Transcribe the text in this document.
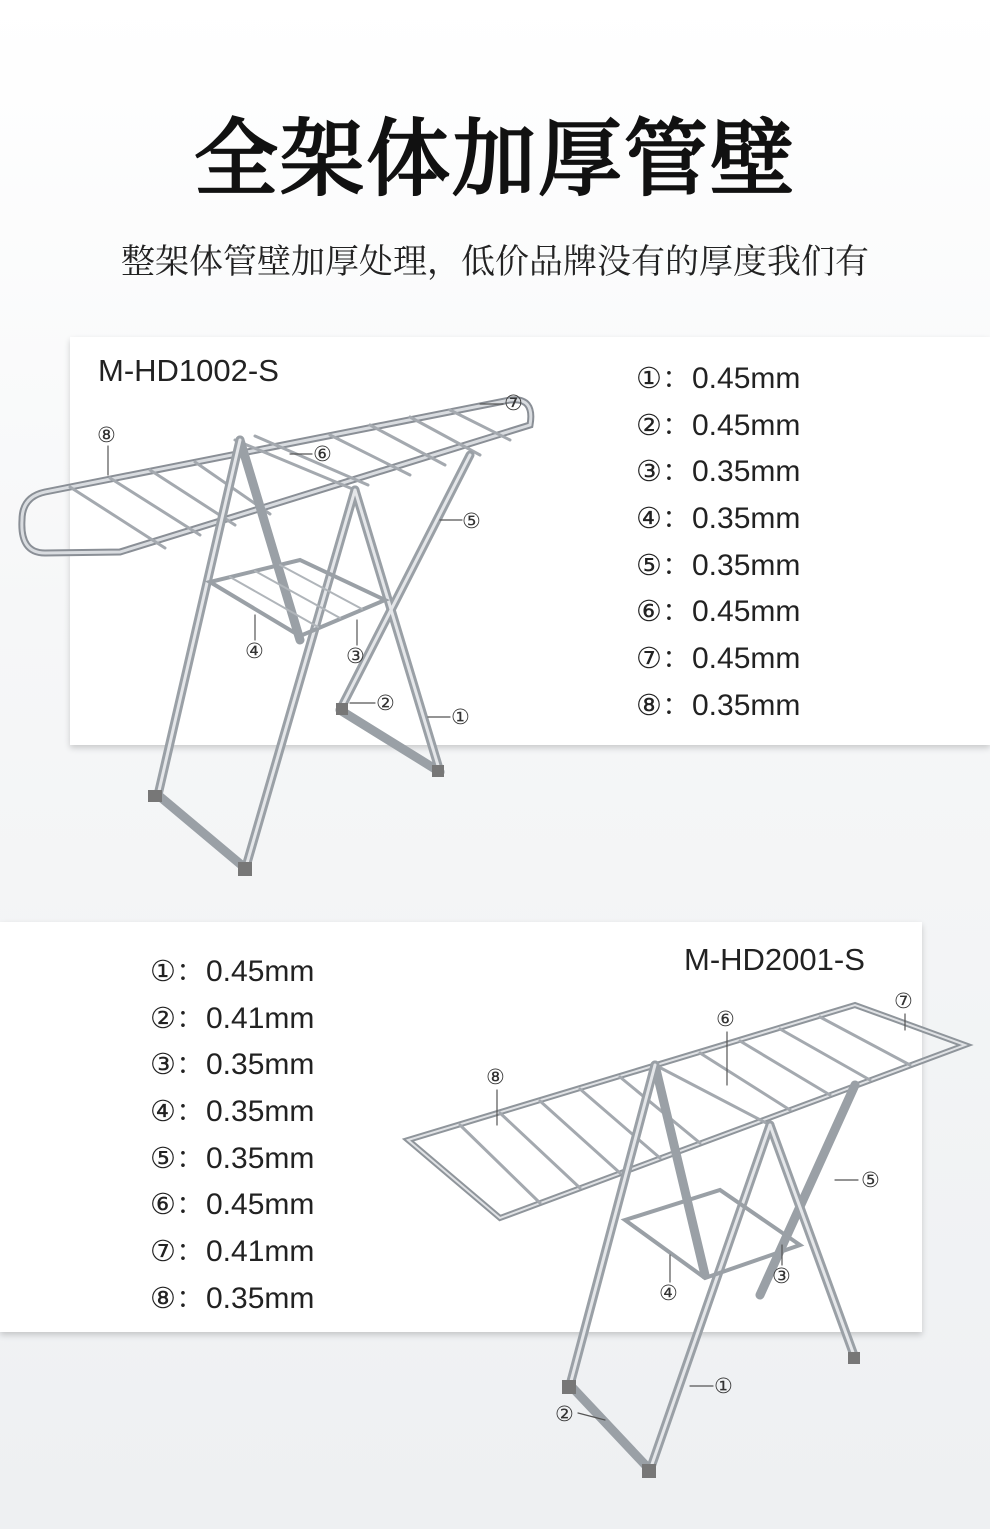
全架体加厚管壁
整架体管壁加厚处理，低价品牌没有的厚度我们有
M-HD1002-S	①：0.45mm
②：0.45mm
③：0.35mm
④：0.35mm
⑤：0.35mm
⑥：0.45mm
⑦：0.45mm
⑧：0.35mm
M-HD2001-S
①：0.45mm
②：0.41mm
③：0.35mm
④：0.35mm
⑤：0.35mm
⑥：0.45mm
⑦：0.41mm
⑧：0.35mm
⑧
⑥
⑦
⑤
④	③
②
①
⑧
⑥
⑦
⑤
④
③
①
②
